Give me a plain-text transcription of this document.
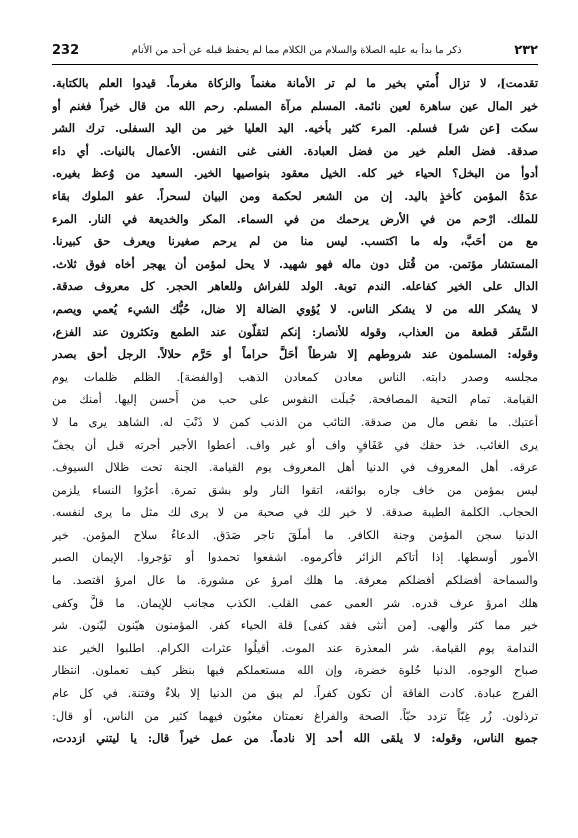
232	ذكر ما بدأ به عليه الصلاة والسلام من الكلام مما لم يحفظ قبله عن أحد من الأنام	٢٣٢
تقدمت]، لا تزال أُمتي بخير ما لم تر الأمانة مغنماً والزكاة مغرماً. قيدوا العلم بالكتابة.
خير المال عين ساهرة لعين نائمة. المسلم مرآة المسلم. رحم الله من قال خيراً فغنم أو
سكت [عن شر] فسلم. المرء كثير بأخيه. اليد العليا خير من اليد السفلى. ترك الشر
صدقة. فضل العلم خير من فضل العبادة. الغنى غنى النفس. الأعمال بالنيات. أي داء
أدوأ من البخل؟ الحياء خير كله. الخيل معقود بنواصيها الخير. السعيد من وُعظ بغيره.
عدَةُ المؤمن كأخذٍ باليد. إن من الشعر لحكمة ومن البيان لسحراً. عفو الملوك بقاء
للملك. ارْحم من في الأرض يرحمك من في السماء. المكر والخديعة في النار. المرء
مع من أحَبَّ، وله ما اكتسب. ليس منا من لم يرحم صغيرنا ويعرف حق كبيرنا.
المستشار مؤتمن. من قُتل دون ماله فهو شهيد. لا يحل لمؤمن أن يهجر أخاه فوق ثلاث.
الدال على الخير كفاعله. الندم توبة. الولد للفراش وللعاهر الحجر. كل معروف صدقة.
لا يشكر الله من لا يشكر الناس. لا يُؤوي الضالة إلا ضال، حُبُّك الشيء يُعمي ويصم،
السَّفَر قطعة من العذاب، وقوله للأنصار: إنكم لتقلّون عند الطمع وتكثرون عند الفزع،
وقوله: المسلمون عند شروطهم إلا شرطاً أحَلَّ حراماً أو حَرَّم حلالاً. الرجل أحق بصدر
مجلسه وصدر دابته. الناس معادن كمعادن الذهب [والفضة]. الظلم ظلمات يوم
القيامة. تمام التحية المصافحة. جُبلَت النفوس على حب من أَحسن إليها. أمنك من
أعتبك. ما نقص مال من صدقة. التائب من الذنب كمن لا ذَنْبَ له. الشاهد يرى ما لا
يرى الغائب. خذ حقك في عَفَافٍ واف أو غير واف. أعطوا الأجير أجرته قبل أن يجفّ
عرقه. أهل المعروف في الدنيا أهل المعروف يوم القيامة. الجنة تحت ظلال السيوف.
ليس بمؤمن من خاف جاره بوائقه، اتقوا النار ولو بشق تمرة. أعرُوا النساء يلزمن
الحجاب. الكلمة الطيبة صدقة. لا خير لك في صحبة من لا يرى لك مثل ما يرى لنفسه.
الدنيا سجن المؤمن وجنة الكافر. ما أملَقَ تاجر صَدَق. الدعاءُ سلاح المؤمن. خير
الأمور أوسطها. إذا أتاكم الزائر فأكرموه. اشفعوا تحمدوا أو تؤجروا. الإيمان الصبر
والسماحة أفضلكم أفضلكم معرفة. ما هلك امرؤ عن مشورة. ما عال امرؤ اقتصد. ما
هلك امرؤ عرف قدره. شر العمى عمى القلب. الكذب مجانب للإيمان. ما قلَّ وكفى
خير مما كثر وألهى. [من أنثى فقد كفى] قلة الحياء كفر. المؤمنون هيّنون ليّنون. شر
الندامة يوم القيامة. شر المعذرة عند الموت. أقيلُوا عثرات الكرام. اطلبوا الخير عند
صباح الوجوه. الدنيا حُلوة خضرة، وإن الله مستعملكم فيها بنظر كيف تعملون. انتظار
الفرج عبادة. كادت الفاقة أن تكون كفراً. لم يبق من الدنيا إلا بلاءٌ وفتنة. في كل عام
ترذلون. زُر غِبّاً تزدد حبّاً. الصحة والفراغ نعمتان مغبُون فيهما كثير من الناس، أو قال:
جميع الناس، وقوله: لا يلقى الله أحد إلا نادماً. من عمل خيراً قال: يا ليتني ازددت،
